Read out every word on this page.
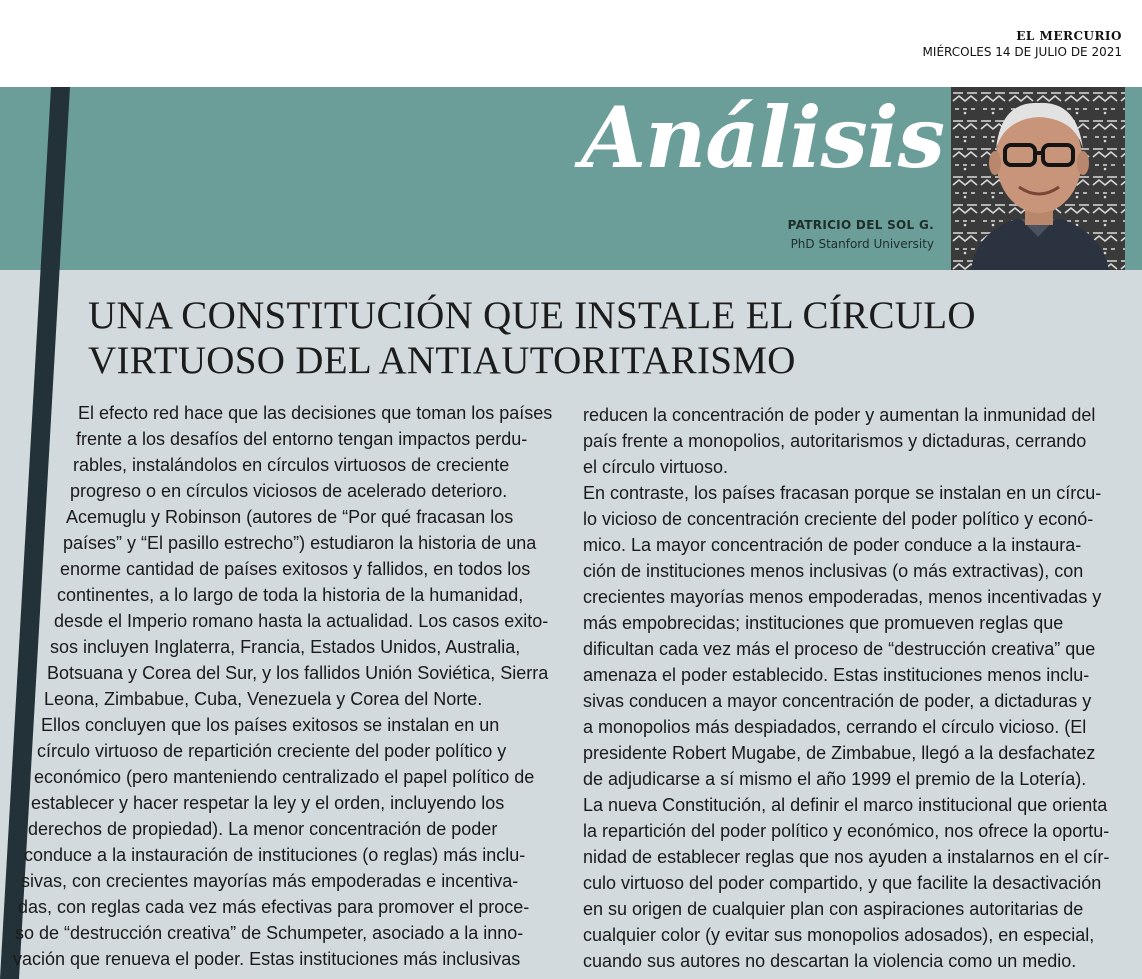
EL MERCURIO
MIÉRCOLES 14 DE JULIO DE 2021
Análisis
PATRICIO DEL SOL G.
PhD Stanford University
UNA CONSTITUCIÓN QUE INSTALE EL CÍRCULO
VIRTUOSO DEL ANTIAUTORITARISMO
El efecto red hace que las decisiones que toman los países
frente a los desafíos del entorno tengan impactos perdu-
rables, instalándolos en círculos virtuosos de creciente
progreso o en círculos viciosos de acelerado deterioro.
Acemuglu y Robinson (autores de “Por qué fracasan los
países” y “El pasillo estrecho”) estudiaron la historia de una
enorme cantidad de países exitosos y fallidos, en todos los
continentes, a lo largo de toda la historia de la humanidad,
desde el Imperio romano hasta la actualidad. Los casos exito-
sos incluyen Inglaterra, Francia, Estados Unidos, Australia,
Botsuana y Corea del Sur, y los fallidos Unión Soviética, Sierra
Leona, Zimbabue, Cuba, Venezuela y Corea del Norte.
Ellos concluyen que los países exitosos se instalan en un
círculo virtuoso de repartición creciente del poder político y
económico (pero manteniendo centralizado el papel político de
establecer y hacer respetar la ley y el orden, incluyendo los
derechos de propiedad). La menor concentración de poder
conduce a la instauración de instituciones (o reglas) más inclu-
sivas, con crecientes mayorías más empoderadas e incentiva-
das, con reglas cada vez más efectivas para promover el proce-
so de “destrucción creativa” de Schumpeter, asociado a la inno-
vación que renueva el poder. Estas instituciones más inclusivas
reducen la concentración de poder y aumentan la inmunidad del
país frente a monopolios, autoritarismos y dictaduras, cerrando
el círculo virtuoso.
En contraste, los países fracasan porque se instalan en un círcu-
lo vicioso de concentración creciente del poder político y econó-
mico. La mayor concentración de poder conduce a la instaura-
ción de instituciones menos inclusivas (o más extractivas), con
crecientes mayorías menos empoderadas, menos incentivadas y
más empobrecidas; instituciones que promueven reglas que
dificultan cada vez más el proceso de “destrucción creativa” que
amenaza el poder establecido. Estas instituciones menos inclu-
sivas conducen a mayor concentración de poder, a dictaduras y
a monopolios más despiadados, cerrando el círculo vicioso. (El
presidente Robert Mugabe, de Zimbabue, llegó a la desfachatez
de adjudicarse a sí mismo el año 1999 el premio de la Lotería).
La nueva Constitución, al definir el marco institucional que orienta
la repartición del poder político y económico, nos ofrece la oportu-
nidad de establecer reglas que nos ayuden a instalarnos en el cír-
culo virtuoso del poder compartido, y que facilite la desactivación
en su origen de cualquier plan con aspiraciones autoritarias de
cualquier color (y evitar sus monopolios adosados), en especial,
cuando sus autores no descartan la violencia como un medio.
